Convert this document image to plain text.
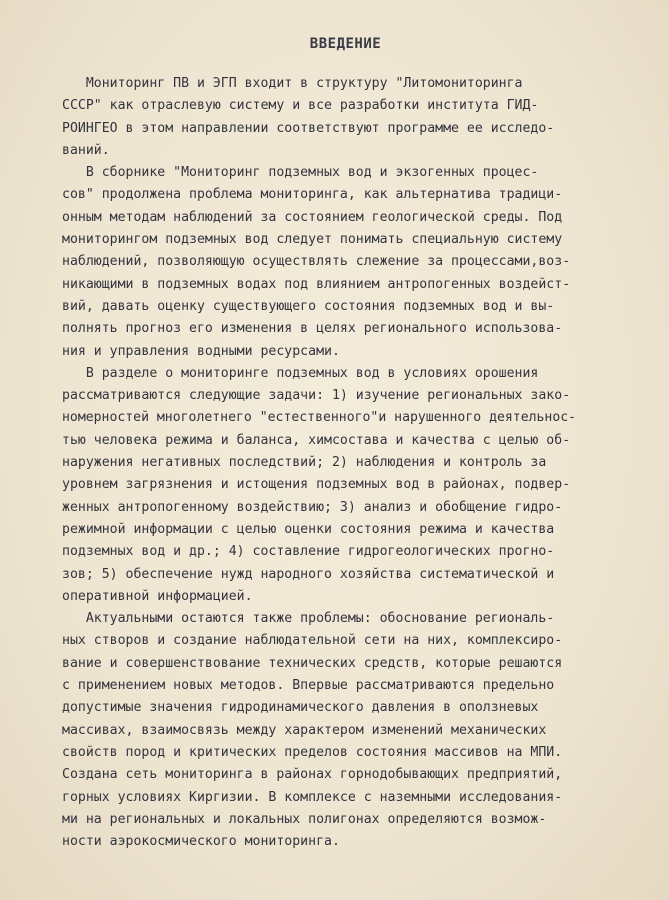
ВВЕДЕНИЕ
Мониторинг ПВ и ЭГП входит в структуру "Литомониторинга
СССР" как отраслевую систему и все разработки института ГИД-
РОИНГЕО в этом направлении соответствуют программе ее исследо-
ваний.
В сборнике "Мониторинг подземных вод и экзогенных процес-
сов" продолжена проблема мониторинга, как альтернатива традици-
онным методам наблюдений за состоянием геологической среды. Под
мониторингом подземных вод следует понимать специальную систему
наблюдений, позволяющую осуществлять слежение за процессами,воз-
никающими в подземных водах под влиянием антропогенных воздейст-
вий, давать оценку существующего состояния подземных вод и вы-
полнять прогноз его изменения в целях регионального использова-
ния и управления водными ресурсами.
В разделе о мониторинге подземных вод в условиях орошения
рассматриваются следующие задачи: 1) изучение региональных зако-
номерностей многолетнего "естественного"и нарушенного деятельнос-
тью человека режима и баланса, химсостава и качества с целью об-
наружения негативных последствий; 2) наблюдения и контроль за
уровнем загрязнения и истощения подземных вод в районах, подвер-
женных антропогенному воздействию; 3) анализ и обобщение гидро-
режимной информации с целью оценки состояния режима и качества
подземных вод и др.; 4) составление гидрогеологических прогно-
зов; 5) обеспечение нужд народного хозяйства систематической и
оперативной информацией.
Актуальными остаются также проблемы: обоснование региональ-
ных створов и создание наблюдательной сети на них, комплексиро-
вание и совершенствование технических средств, которые решаются
с применением новых методов. Впервые рассматриваются предельно
допустимые значения гидродинамического давления в оползневых
массивах, взаимосвязь между характером изменений механических
свойств пород и критических пределов состояния массивов на МПИ.
Создана сеть мониторинга в районах горнодобывающих предприятий,
горных условиях Киргизии. В комплексе с наземными исследования-
ми на региональных и локальных полигонах определяются возмож-
ности аэрокосмического мониторинга.
